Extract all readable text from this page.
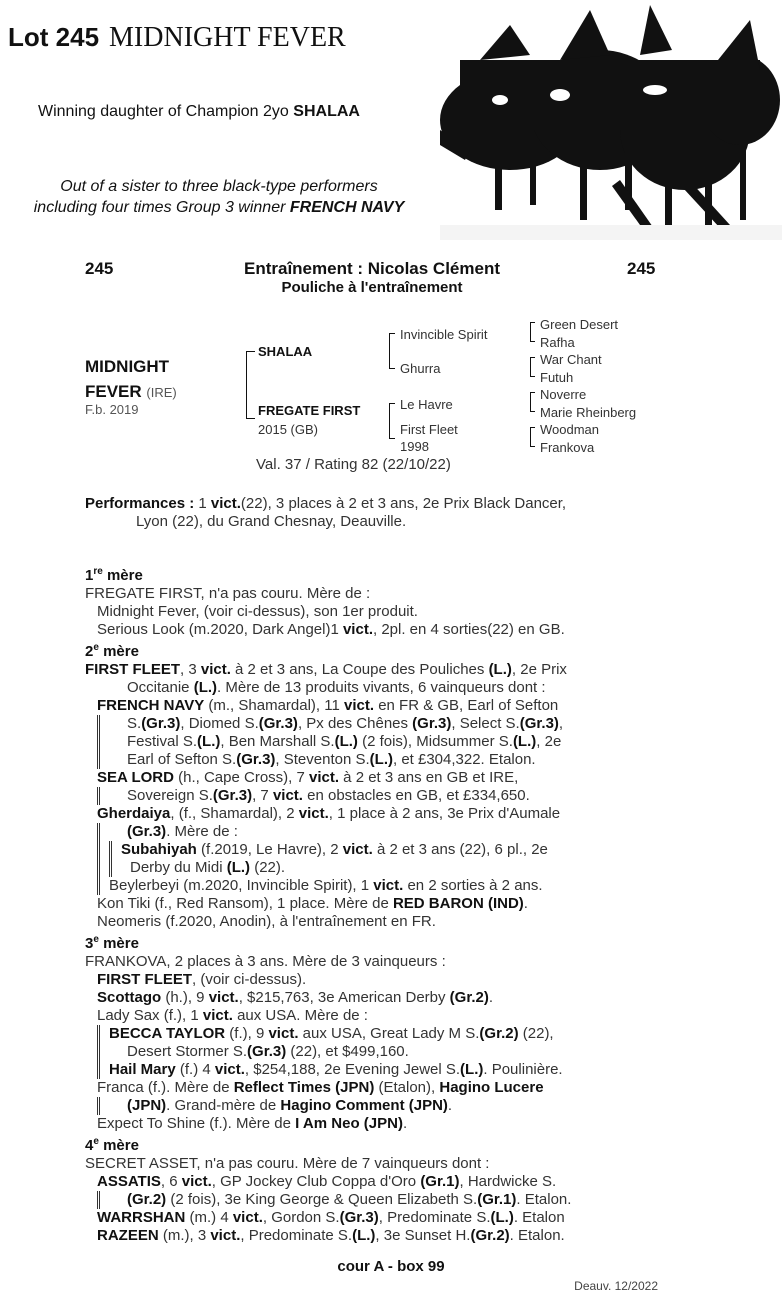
Lot 245 MIDNIGHT FEVER
Winning daughter of Champion 2yo SHALAA
Out of a sister to three black-type performers
including four times Group 3 winner FRENCH NAVY
245	245
Entraînement : Nicolas Clément
Pouliche à l'entraînement
MIDNIGHT
FEVER (IRE)
F.b. 2019
SHALAA
FREGATE FIRST
2015 (GB)
Invincible Spirit
Ghurra
Le Havre
First Fleet
1998
Green Desert
Rafha
War Chant
Futuh
Noverre
Marie Rheinberg
Woodman
Frankova
Val. 37 / Rating 82 (22/10/22)

Performances : 1 vict.(22), 3 places à 2 et 3 ans, 2e Prix Black Dancer,

Lyon (22), du Grand Chesnay, Deauville.

1re mère

FREGATE FIRST, n'a pas couru. Mère de :

Midnight Fever, (voir ci-dessus), son 1er produit.

Serious Look (m.2020, Dark Angel)1 vict., 2pl. en 4 sorties(22) en GB.

2e mère

FIRST FLEET, 3 vict. à 2 et 3 ans, La Coupe des Pouliches (L.), 2e Prix

Occitanie (L.). Mère de 13 produits vivants, 6 vainqueurs dont :

FRENCH NAVY (m., Shamardal), 11 vict. en FR & GB, Earl of Sefton

S.(Gr.3), Diomed S.(Gr.3), Px des Chênes (Gr.3), Select S.(Gr.3),

Festival S.(L.), Ben Marshall S.(L.) (2 fois), Midsummer S.(L.), 2e

Earl of Sefton S.(Gr.3), Steventon S.(L.), et £304,322. Etalon.

SEA LORD (h., Cape Cross), 7 vict. à 2 et 3 ans en GB et IRE,

Sovereign S.(Gr.3), 7 vict. en obstacles en GB, et £334,650.

Gherdaiya, (f., Shamardal), 2 vict., 1 place à 2 ans, 3e Prix d'Aumale

(Gr.3). Mère de :

Subahiyah (f.2019, Le Havre), 2 vict. à 2 et 3 ans (22), 6 pl., 2e

Derby du Midi (L.) (22).

Beylerbeyi (m.2020, Invincible Spirit), 1 vict. en 2 sorties à 2 ans.

Kon Tiki (f., Red Ransom), 1 place. Mère de RED BARON (IND).

Neomeris (f.2020, Anodin), à l'entraînement en FR.

3e mère

FRANKOVA, 2 places à 3 ans. Mère de 3 vainqueurs :

FIRST FLEET, (voir ci-dessus).

Scottago (h.), 9 vict., $215,763, 3e American Derby (Gr.2).

Lady Sax (f.), 1 vict. aux USA. Mère de :

BECCA TAYLOR (f.), 9 vict. aux USA, Great Lady M S.(Gr.2) (22),

Desert Stormer S.(Gr.3) (22), et $499,160.

Hail Mary (f.) 4 vict., $254,188, 2e Evening Jewel S.(L.). Poulinière.

Franca (f.). Mère de Reflect Times (JPN) (Etalon), Hagino Lucere

(JPN). Grand-mère de Hagino Comment (JPN).

Expect To Shine (f.). Mère de I Am Neo (JPN).

4e mère

SECRET ASSET, n'a pas couru. Mère de 7 vainqueurs dont :

ASSATIS, 6 vict., GP Jockey Club Coppa d'Oro (Gr.1), Hardwicke S.

(Gr.2) (2 fois), 3e King George & Queen Elizabeth S.(Gr.1). Etalon.

WARRSHAN (m.) 4 vict., Gordon S.(Gr.3), Predominate S.(L.). Etalon

RAZEEN (m.), 3 vict., Predominate S.(L.), 3e Sunset H.(Gr.2). Etalon.

cour A - box 99
Deauv. 12/2022
